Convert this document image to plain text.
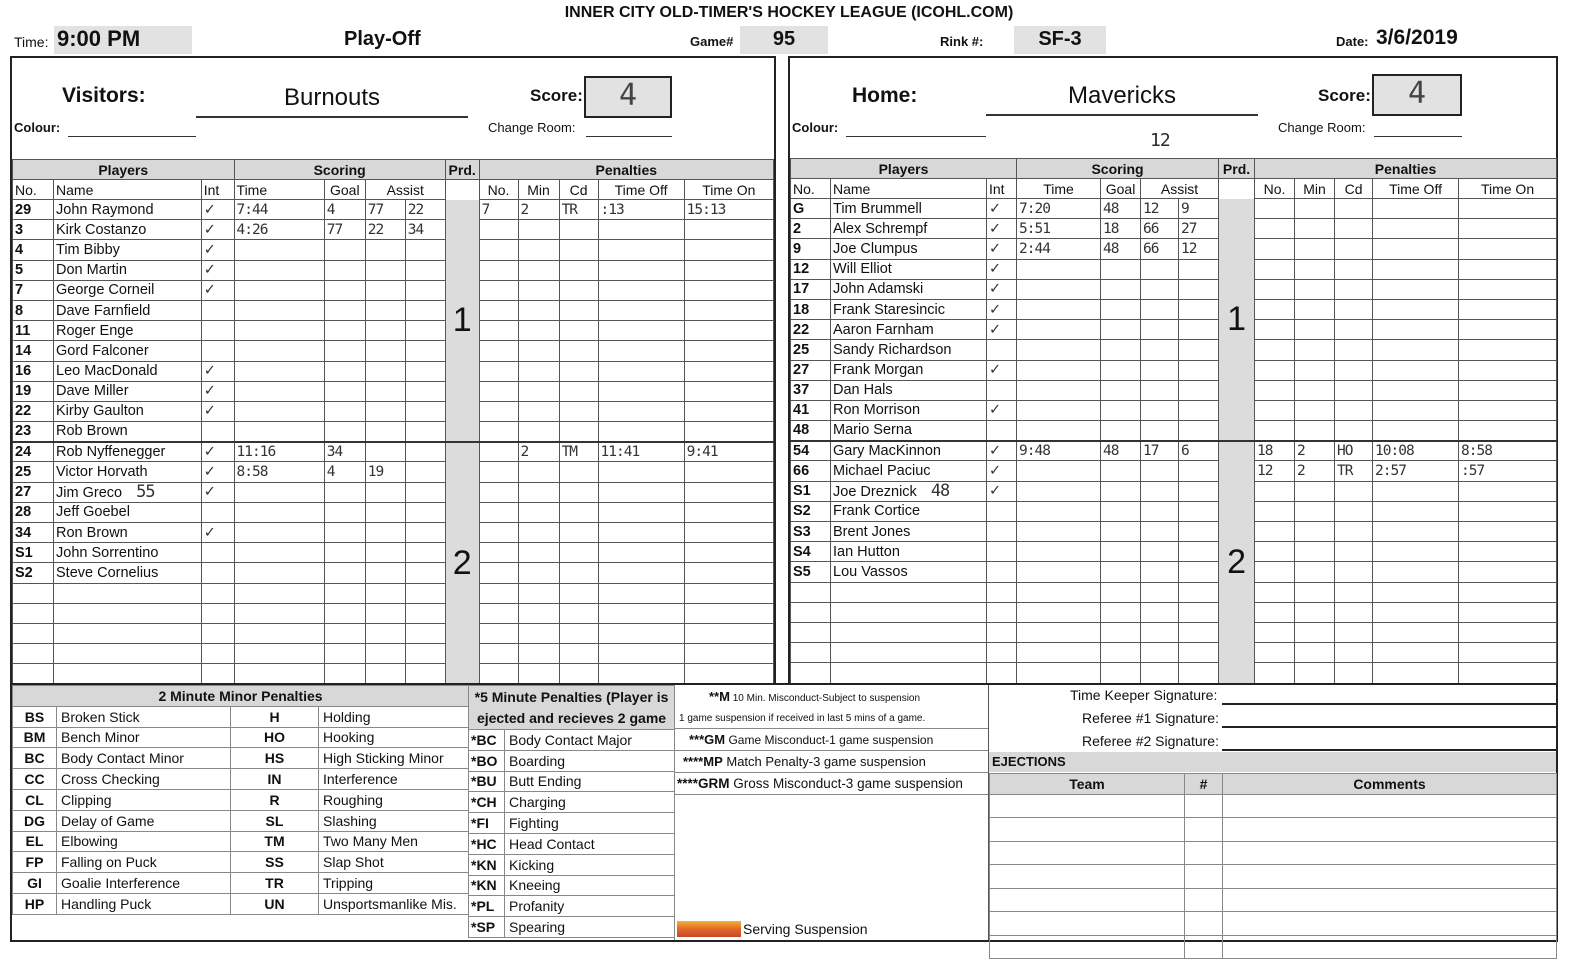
INNER CITY OLD-TIMER'S HOCKEY LEAGUE (ICOHL.COM)
Time: 9:00 PM	Play-Off	Game#	95	Rink #:	SF-3	Date: 3/6/2019
Visitors:	Burnouts	Score:	4
Colour:	Change Room:
Players			Scoring				Prd.	Penalties				
No.	Name	Int	Time	Goal	Assist			No.	Min	Cd	Time Off	Time On
29	John Raymond	✓	7:44	4	77	22	1	7	2	TR	:13	15:13
3	Kirk Costanzo	✓	4:26	77	22	34						
4	Tim Bibby	✓										
5	Don Martin	✓										
7	George Corneil	✓										
8	Dave Farnfield											
11	Roger Enge											
14	Gord Falconer											
16	Leo MacDonald	✓										
19	Dave Miller	✓										
22	Kirby Gaulton	✓										
23	Rob Brown											
24	Rob Nyffenegger	✓	11:16	34			2		2	TM	11:41	9:41
25	Victor Horvath	✓	8:58	4	19							
27	Jim Greco 55	✓										
28	Jeff Goebel											
34	Ron Brown	✓										
S1	John Sorrentino											
S2	Steve Cornelius											

Home:	Mavericks	Score:	4
Colour:	Change Room:
12
Players			Scoring				Prd.	Penalties				
No.	Name	Int	Time	Goal	Assist			No.	Min	Cd	Time Off	Time On
G	Tim Brummell	✓	7:20	48	12	9	1					
2	Alex Schrempf	✓	5:51	18	66	27						
9	Joe Clumpus	✓	2:44	48	66	12						
12	Will Elliot	✓										
17	John Adamski	✓										
18	Frank Staresincic	✓										
22	Aaron Farnham	✓										
25	Sandy Richardson											
27	Frank Morgan	✓										
37	Dan Hals											
41	Ron Morrison	✓										
48	Mario Serna											
54	Gary MacKinnon	✓	9:48	48	17	6	2	18	2	HO	10:08	8:58
66	Michael Paciuc	✓						12	2	TR	2:57	:57
S1	Joe Dreznick 48	✓										
S2	Frank Cortice											
S3	Brent Jones											
S4	Ian Hutton											
S5	Lou Vassos											

2 Minute Minor Penalties			
BS	Broken Stick	H	Holding
BM	Bench Minor	HO	Hooking
BC	Body Contact Minor	HS	High Sticking Minor
CC	Cross Checking	IN	Interference
CL	Clipping	R	Roughing
DG	Delay of Game	SL	Slashing
EL	Elbowing	TM	Two Many Men
FP	Falling on Puck	SS	Slap Shot
GI	Goalie Interference	TR	Tripping
HP	Handling Puck	UN	Unsportsmanlike Mis.
*5 Minute Penalties (Player is
ejected and recieves 2 game	
*BC	Body Contact Major
*BO	Boarding
*BU	Butt Ending
*CH	Charging
*FI	Fighting
*HC	Head Contact
*KN	Kicking
*KN	Kneeing
*PL	Profanity
*SP	Spearing
**M 10 Min. Misconduct-Subject to suspension
1 game suspension if received in last 5 mins of a game.
***GM Game Misconduct-1 game suspension
****MP Match Penalty-3 game suspension
****GRM Gross Misconduct-3 game suspension
Serving Suspension
Time Keeper Signature:
Referee #1 Signature:
Referee #2 Signature:
EJECTIONS
Team	#	Comments
